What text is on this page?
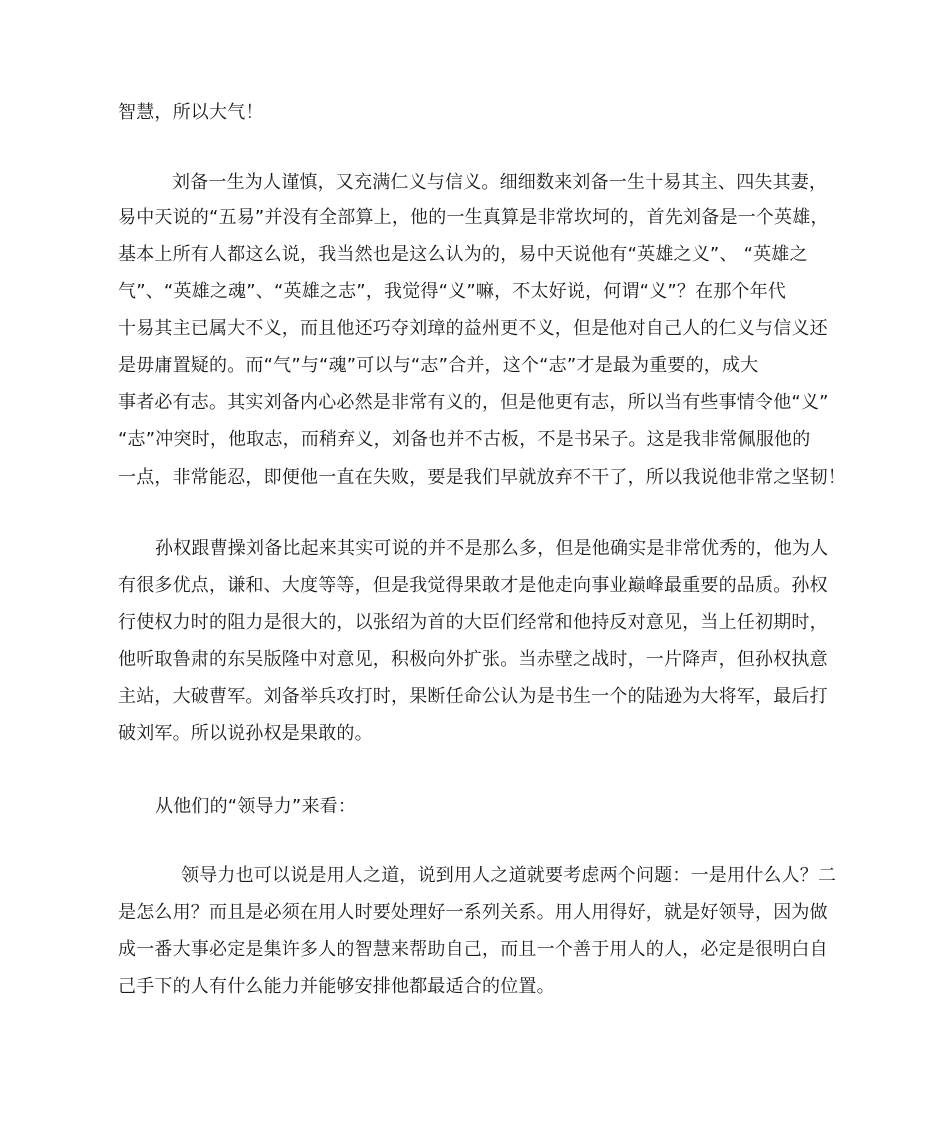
智慧，所以大气！
刘备一生为人谨慎，又充满仁义与信义。细细数来刘备一生十易其主、四失其妻，
易中天说的“五易”并没有全部算上，他的一生真算是非常坎坷的，首先刘备是一个英雄，
基本上所有人都这么说，我当然也是这么认为的，易中天说他有“英雄之义”、 “英雄之
气”、“英雄之魂”、“英雄之志”，我觉得“义”嘛，不太好说，何谓“义”？在那个年代
十易其主已属大不义，而且他还巧夺刘璋的益州更不义，但是他对自己人的仁义与信义还
是毋庸置疑的。而“气”与“魂”可以与“志”合并，这个“志”才是最为重要的，成大
事者必有志。其实刘备内心必然是非常有义的，但是他更有志，所以当有些事情令他“义”
“志”冲突时，他取志，而稍弃义，刘备也并不古板，不是书呆子。这是我非常佩服他的
一点，非常能忍，即便他一直在失败，要是我们早就放弃不干了，所以我说他非常之坚韧！
孙权跟曹操刘备比起来其实可说的并不是那么多，但是他确实是非常优秀的，他为人
有很多优点，谦和、大度等等，但是我觉得果敢才是他走向事业巅峰最重要的品质。孙权
行使权力时的阻力是很大的，以张绍为首的大臣们经常和他持反对意见，当上任初期时，
他听取鲁肃的东吴版隆中对意见，积极向外扩张。当赤壁之战时，一片降声，但孙权执意
主站，大破曹军。刘备举兵攻打时，果断任命公认为是书生一个的陆逊为大将军，最后打
破刘军。所以说孙权是果敢的。
从他们的“领导力”来看：
领导力也可以说是用人之道，说到用人之道就要考虑两个问题：一是用什么人？二
是怎么用？而且是必须在用人时要处理好一系列关系。用人用得好，就是好领导，因为做
成一番大事必定是集许多人的智慧来帮助自己，而且一个善于用人的人，必定是很明白自
己手下的人有什么能力并能够安排他都最适合的位置。
